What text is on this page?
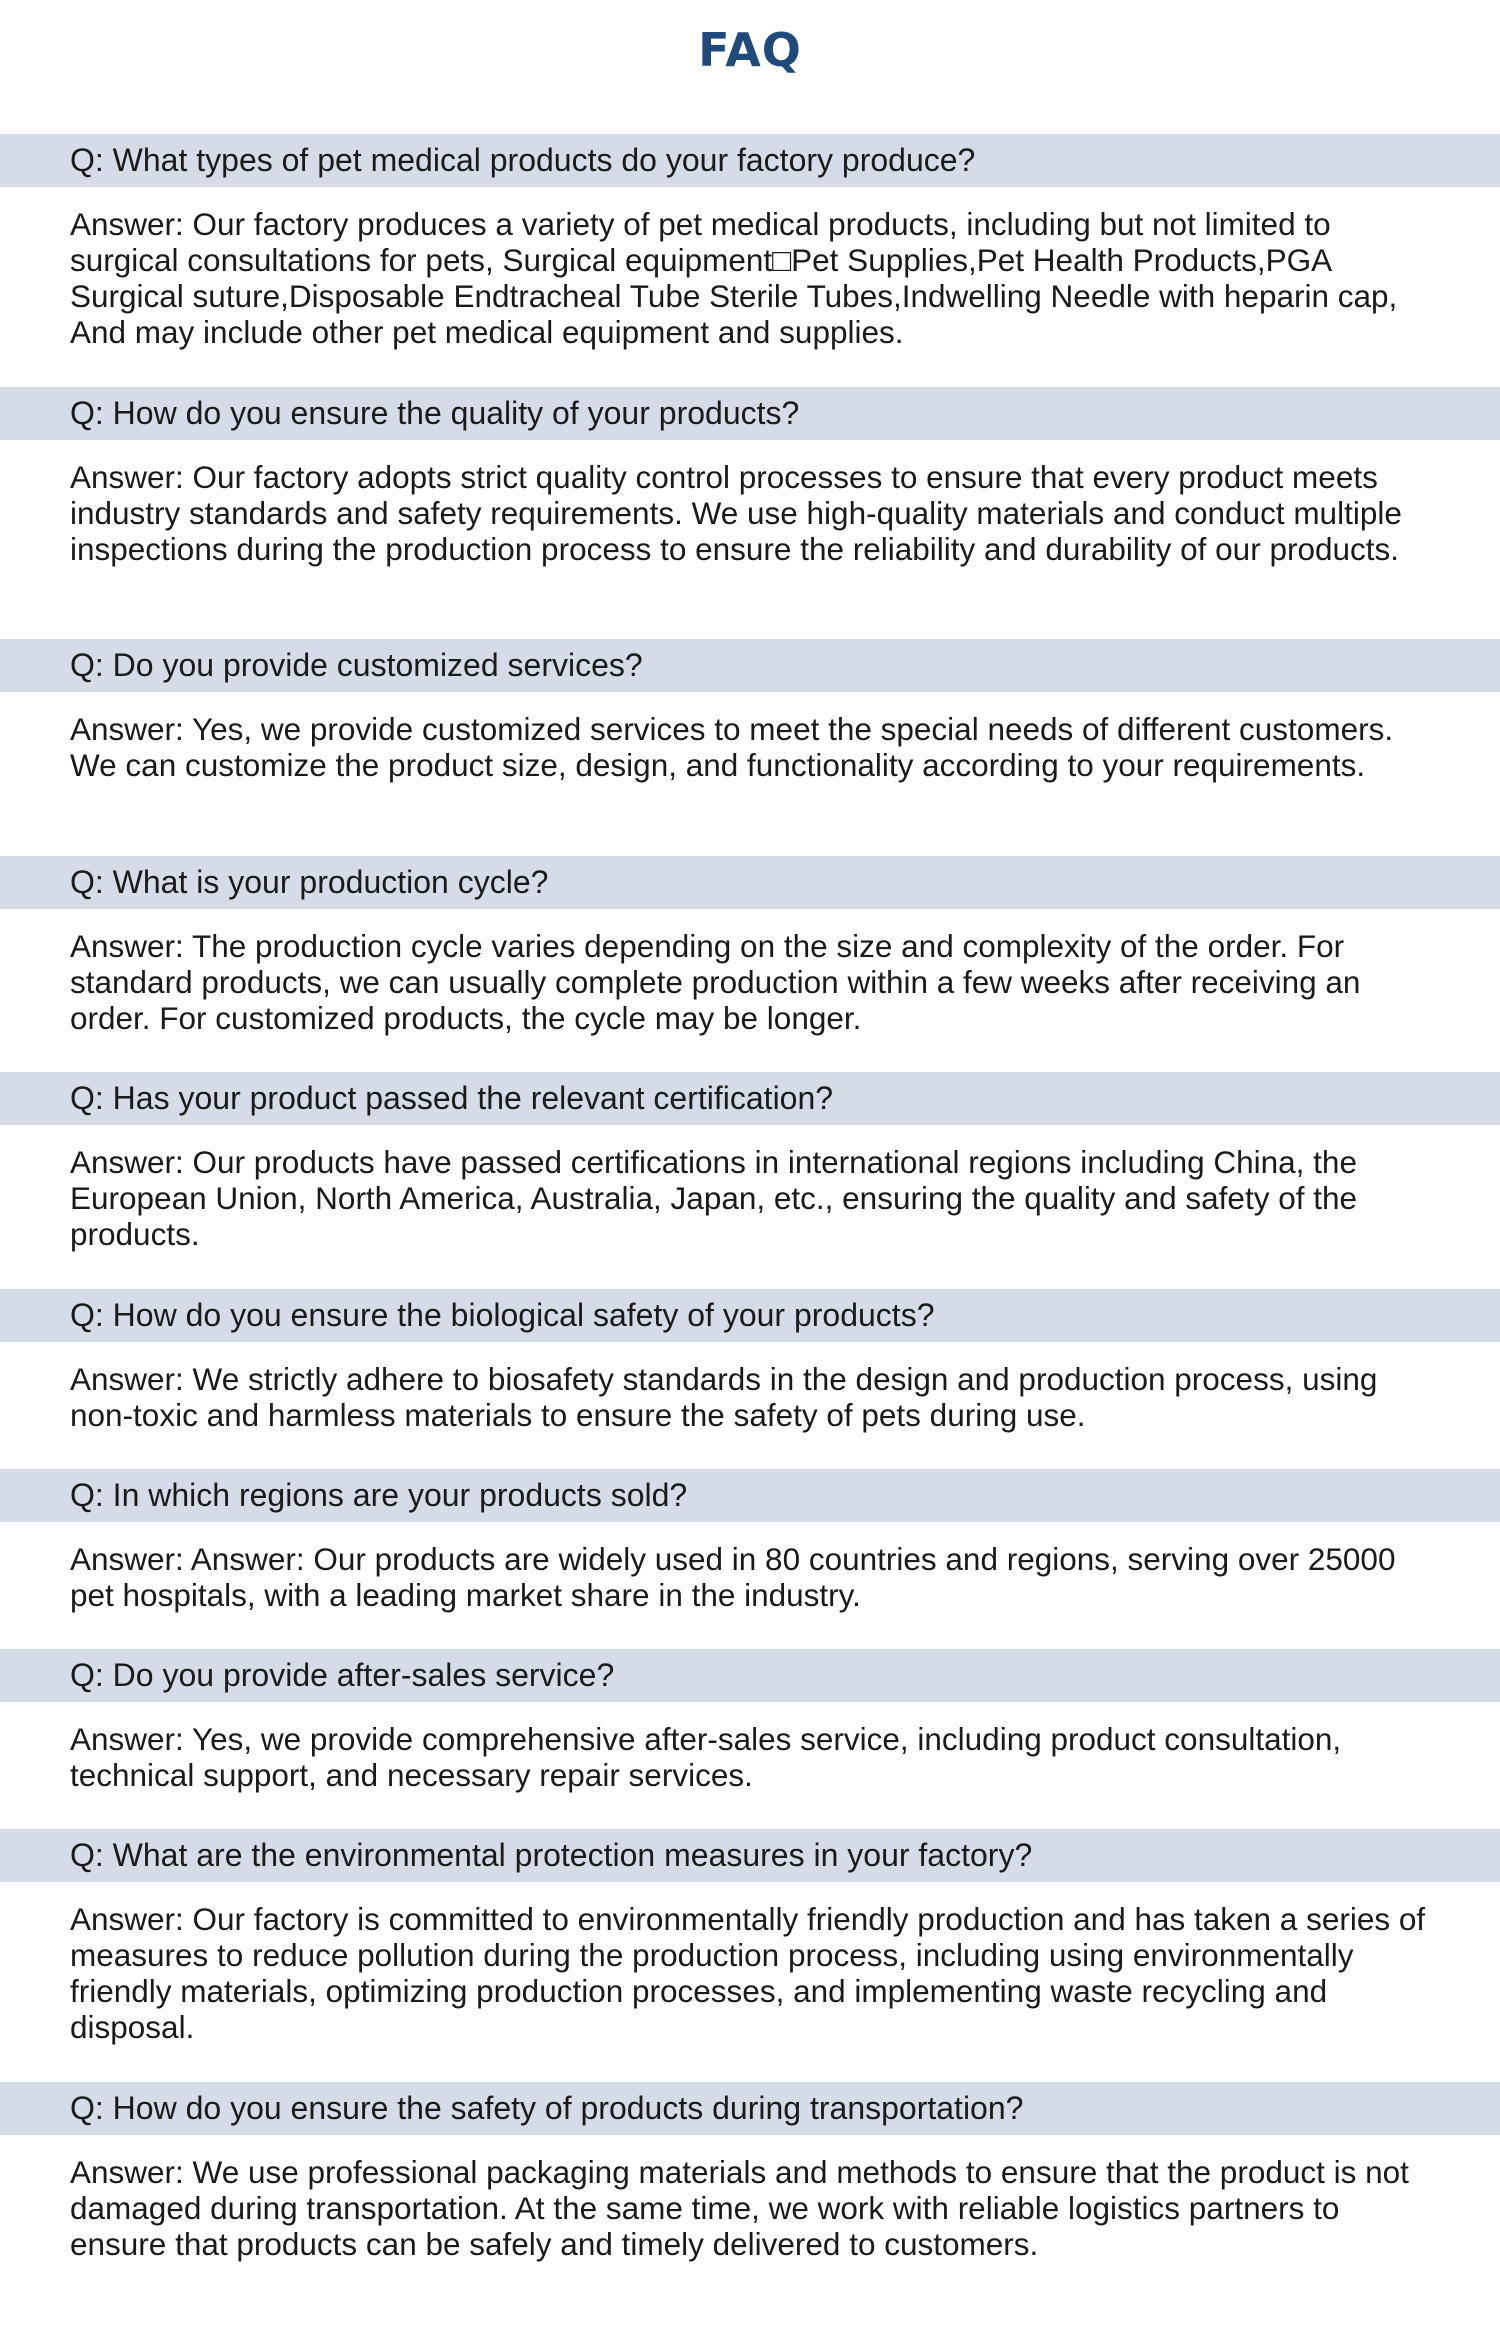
FAQ
Q: What types of pet medical products do your factory produce?
Answer: Our factory produces a variety of pet medical products, including but not limited to surgical consultations for pets, Surgical equipment□Pet Supplies,Pet Health Products,PGA Surgical suture,Disposable Endtracheal Tube Sterile Tubes,Indwelling Needle with heparin cap, And may include other pet medical equipment and supplies.
Q: How do you ensure the quality of your products?
Answer: Our factory adopts strict quality control processes to ensure that every product meets industry standards and safety requirements. We use high-quality materials and conduct multiple inspections during the production process to ensure the reliability and durability of our products.
Q: Do you provide customized services?
Answer: Yes, we provide customized services to meet the special needs of different customers. We can customize the product size, design, and functionality according to your requirements.
Q: What is your production cycle?
Answer: The production cycle varies depending on the size and complexity of the order. For standard products, we can usually complete production within a few weeks after receiving an order. For customized products, the cycle may be longer.
Q: Has your product passed the relevant certification?
Answer: Our products have passed certifications in international regions including China, the European Union, North America, Australia, Japan, etc., ensuring the quality and safety of the products.
Q: How do you ensure the biological safety of your products?
Answer: We strictly adhere to biosafety standards in the design and production process, using non-toxic and harmless materials to ensure the safety of pets during use.
Q: In which regions are your products sold?
Answer: Answer: Our products are widely used in 80 countries and regions, serving over 25000 pet hospitals, with a leading market share in the industry.
Q: Do you provide after-sales service?
Answer: Yes, we provide comprehensive after-sales service, including product consultation, technical support, and necessary repair services.
Q: What are the environmental protection measures in your factory?
Answer: Our factory is committed to environmentally friendly production and has taken a series of measures to reduce pollution during the production process, including using environmentally friendly materials, optimizing production processes, and implementing waste recycling and disposal.
Q: How do you ensure the safety of products during transportation?
Answer: We use professional packaging materials and methods to ensure that the product is not damaged during transportation. At the same time, we work with reliable logistics partners to ensure that products can be safely and timely delivered to customers.
